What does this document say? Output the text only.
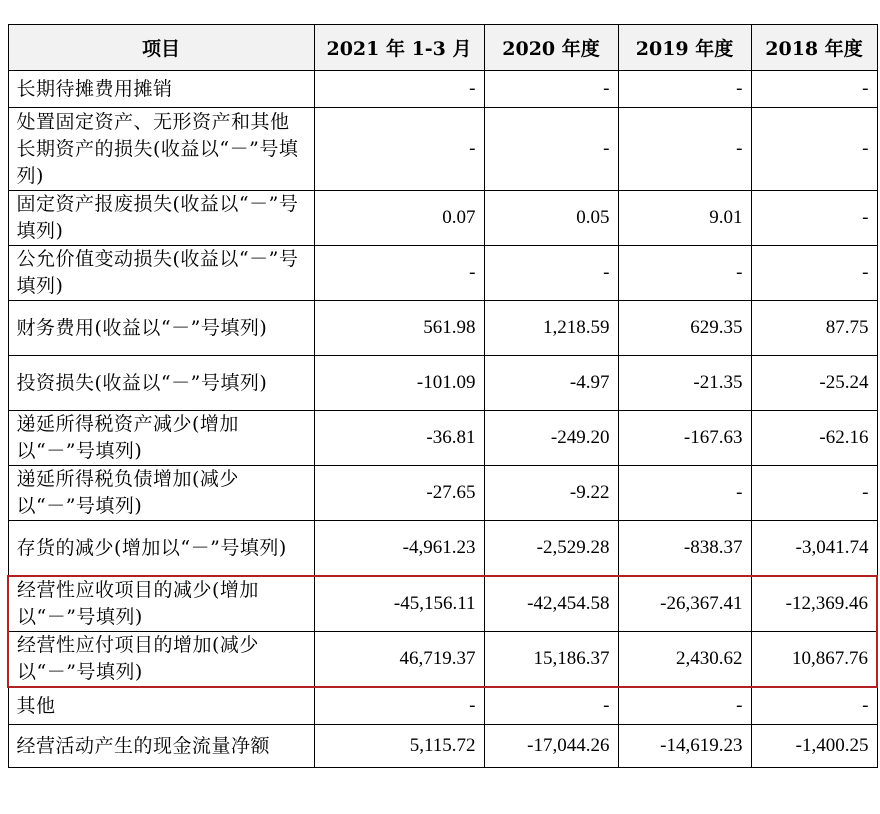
项目	2021 年 1-3 月	2020 年度	2019 年度	2018 年度
长期待摊费用摊销	-	-	-	-
处置固定资产、无形资产和其他长期资产的损失(收益以“－”号填列)	-	-	-	-
固定资产报废损失(收益以“－”号填列)	0.07	0.05	9.01	-
公允价值变动损失(收益以“－”号填列)	-	-	-	-
财务费用(收益以“－”号填列)	561.98	1,218.59	629.35	87.75
投资损失(收益以“－”号填列)	-101.09	-4.97	-21.35	-25.24
递延所得税资产减少(增加以“－”号填列)	-36.81	-249.20	-167.63	-62.16
递延所得税负债增加(减少以“－”号填列)	-27.65	-9.22	-	-
存货的减少(增加以“－”号填列)	-4,961.23	-2,529.28	-838.37	-3,041.74
经营性应收项目的减少(增加以“－”号填列)	-45,156.11	-42,454.58	-26,367.41	-12,369.46
经营性应付项目的增加(减少以“－”号填列)	46,719.37	15,186.37	2,430.62	10,867.76
其他	-	-	-	-
经营活动产生的现金流量净额	5,115.72	-17,044.26	-14,619.23	-1,400.25
